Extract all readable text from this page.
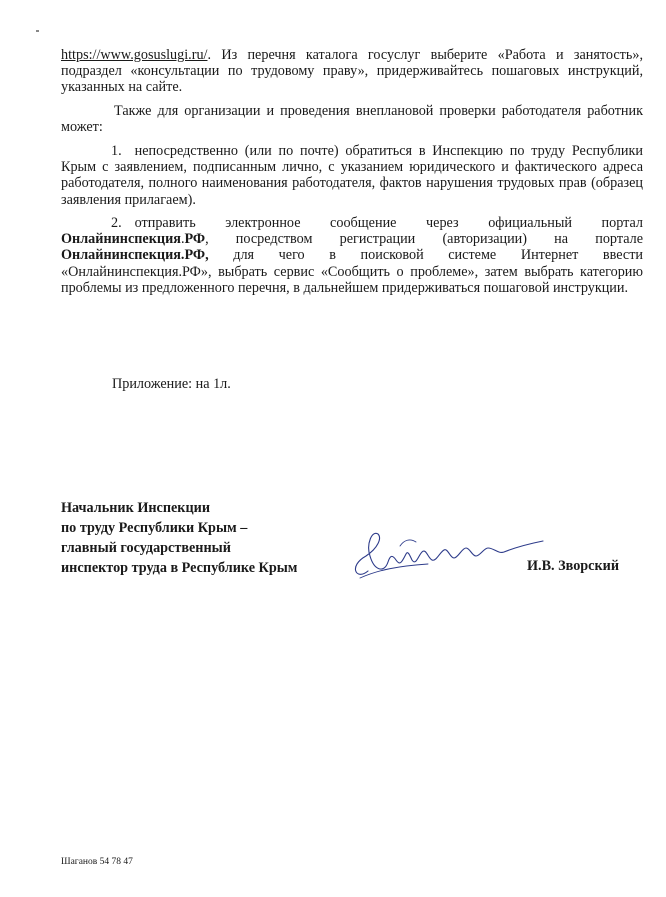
https://www.gosuslugi.ru/. Из перечня каталога госуслуг выберите «Работа и занятость», подраздел «консультации по трудовому праву», придерживайтесь пошаговых инструкций, указанных на сайте.

Также для организации и проведения внеплановой проверки работодателя работник может:

1. непосредственно (или по почте) обратиться в Инспекцию по труду Республики Крым с заявлением, подписанным лично, с указанием юридического и фактического адреса работодателя, полного наименования работодателя, фактов нарушения трудовых прав (образец заявления прилагаем).

2. отправить электронное сообщение через официальный портал Онлайнинспекция.РФ, посредством регистрации (авторизации) на портале Онлайнинспекция.РФ, для чего в поисковой системе Интернет ввести «Онлайнинспекция.РФ», выбрать сервис «Сообщить о проблеме», затем выбрать категорию проблемы из предложенного перечня, в дальнейшем придерживаться пошаговой инструкции.

Приложение: на 1л.
Начальник Инспекции
по труду Республики Крым –
главный государственный
инспектор труда в Республике Крым	И.В. Зворский
Шаганов 54 78 47
